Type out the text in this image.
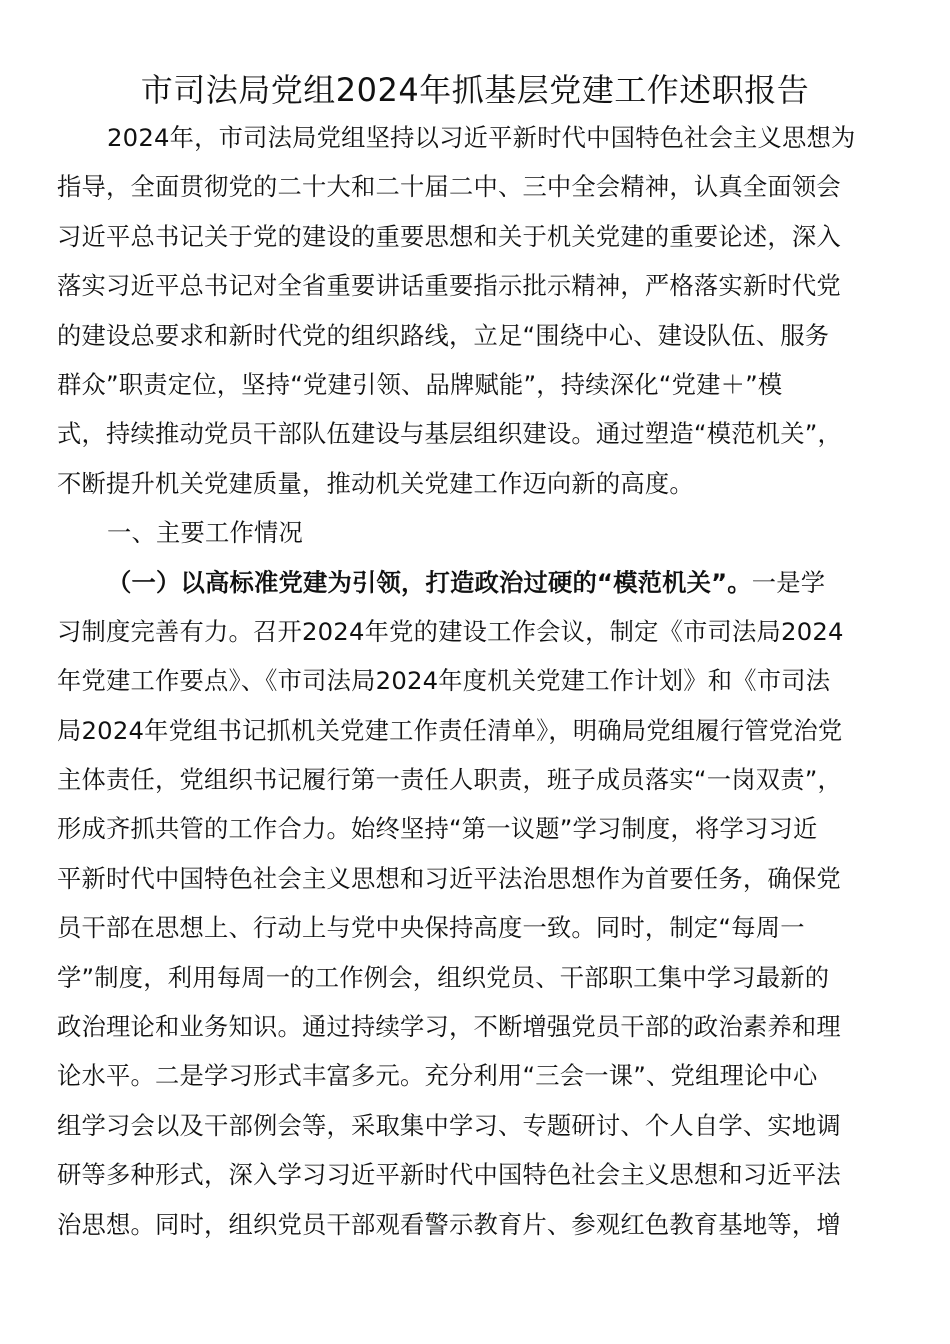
市司法局党组2024年抓基层党建工作述职报告
2024年，市司法局党组坚持以习近平新时代中国特色社会主义思想为
指导，全面贯彻党的二十大和二十届二中、三中全会精神，认真全面领会
习近平总书记关于党的建设的重要思想和关于机关党建的重要论述，深入
落实习近平总书记对全省重要讲话重要指示批示精神，严格落实新时代党
的建设总要求和新时代党的组织路线，立足“围绕中心、建设队伍、服务
群众”职责定位，坚持“党建引领、品牌赋能”，持续深化“党建＋”模
式，持续推动党员干部队伍建设与基层组织建设。通过塑造“模范机关”，
不断提升机关党建质量，推动机关党建工作迈向新的高度。
一、主要工作情况
（一）以高标准党建为引领，打造政治过硬的“模范机关”。一是学
习制度完善有力。召开2024年党的建设工作会议，制定《市司法局2024
年党建工作要点》、《市司法局2024年度机关党建工作计划》和《市司法
局2024年党组书记抓机关党建工作责任清单》，明确局党组履行管党治党
主体责任，党组织书记履行第一责任人职责，班子成员落实“一岗双责”，
形成齐抓共管的工作合力。始终坚持“第一议题”学习制度，将学习习近
平新时代中国特色社会主义思想和习近平法治思想作为首要任务，确保党
员干部在思想上、行动上与党中央保持高度一致。同时，制定“每周一
学”制度，利用每周一的工作例会，组织党员、干部职工集中学习最新的
政治理论和业务知识。通过持续学习，不断增强党员干部的政治素养和理
论水平。二是学习形式丰富多元。充分利用“三会一课”、党组理论中心
组学习会以及干部例会等，采取集中学习、专题研讨、个人自学、实地调
研等多种形式，深入学习习近平新时代中国特色社会主义思想和习近平法
治思想。同时，组织党员干部观看警示教育片、参观红色教育基地等，增
